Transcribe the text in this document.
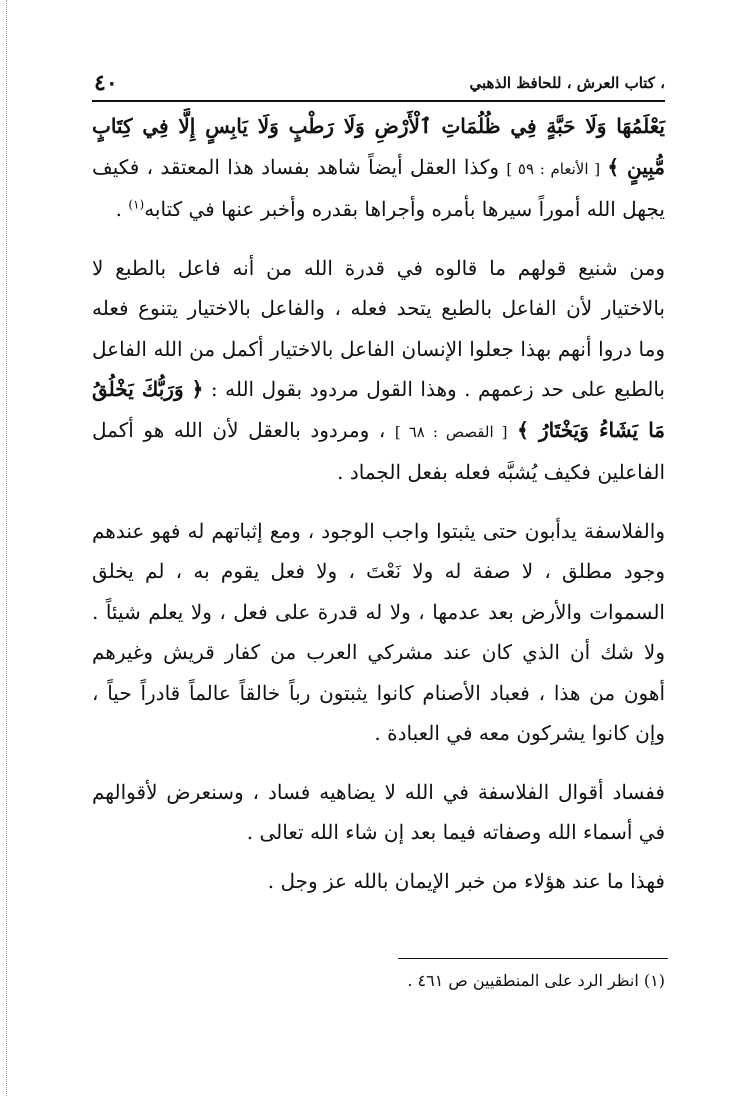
٤٠	، كتاب العرش ، للحافظ الذهبي

يَعْلَمُهَا وَلَا حَبَّةٍ فِي ظُلُمَاتِ ٱلْأَرْضِ وَلَا رَطْبٍ وَلَا يَابِسٍ إِلَّا فِي كِتَابٍ مُّبِينٍ ﴾ [ الأنعام : ٥٩ ] وكذا العقل أيضاً شاهد بفساد هذا المعتقد ، فكيف يجهل الله أموراً سيرها بأمره وأجراها بقدره وأخبر عنها في كتابه$^{(١)}$ .

ومن شنيع قولهم ما قالوه في قدرة الله من أنه فاعل بالطبع لا بالاختيار لأن الفاعل بالطبع يتحد فعله ، والفاعل بالاختيار يتنوع فعله وما دروا أنهم بهذا جعلوا الإنسان الفاعل بالاختيار أكمل من الله الفاعل بالطبع على حد زعمهم . وهذا القول مردود بقول الله : ﴿ وَرَبُّكَ يَخْلُقُ مَا يَشَاءُ وَيَخْتَارُ ﴾ [ القصص : ٦٨ ] ، ومردود بالعقل لأن الله هو أكمل الفاعلين فكيف يُشبَّه فعله بفعل الجماد .

والفلاسفة يدأبون حتى يثبتوا واجب الوجود ، ومع إثباتهم له فهو عندهم وجود مطلق ، لا صفة له ولا نَعْتَ ، ولا فعل يقوم به ، لم يخلق السموات والأرض بعد عدمها ، ولا له قدرة على فعل ، ولا يعلم شيئاً . ولا شك أن الذي كان عند مشركي العرب من كفار قريش وغيرهم أهون من هذا ، فعباد الأصنام كانوا يثبتون رباً خالقاً عالماً قادراً حياً ، وإن كانوا يشركون معه في العبادة .

ففساد أقوال الفلاسفة في الله لا يضاهيه فساد ، وسنعرض لأقوالهم في أسماء الله وصفاته فيما بعد إن شاء الله تعالى .

فهذا ما عند هؤلاء من خبر الإيمان بالله عز وجل .

(١) انظر الرد على المنطقيين ص ٤٦١ .
